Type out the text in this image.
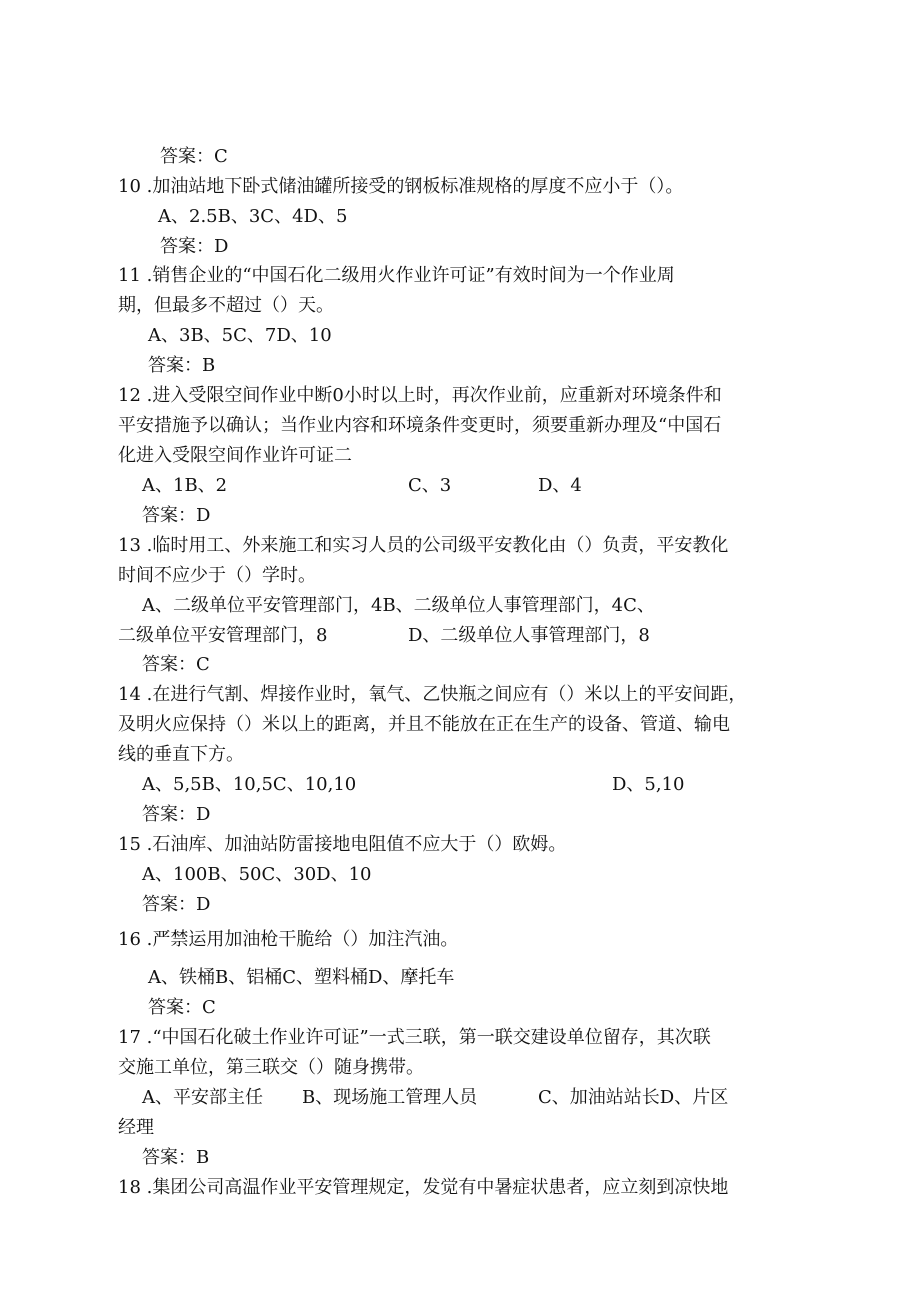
答案：C
10 .加油站地下卧式储油罐所接受的钢板标准规格的厚度不应小于（）。
A、2.5B、3C、4D、5
答案：D
11 .销售企业的“中国石化二级用火作业许可证”有效时间为一个作业周
期，但最多不超过（）天。
A、3B、5C、7D、10
答案：B
12 .进入受限空间作业中断0小时以上时，再次作业前，应重新对环境条件和
平安措施予以确认；当作业内容和环境条件变更时，须要重新办理及“中国石
化进入受限空间作业许可证二
A、1B、2	C、3	D、4
答案：D
13 .临时用工、外来施工和实习人员的公司级平安教化由（）负责，平安教化
时间不应少于（）学时。
A、二级单位平安管理部门，4B、二级单位人事管理部门，4C、
二级单位平安管理部门，8	D、二级单位人事管理部门，8
答案：C
14 .在进行气割、焊接作业时，氧气、乙快瓶之间应有（）米以上的平安间距，
及明火应保持（）米以上的距离，并且不能放在正在生产的设备、管道、输电
线的垂直下方。
A、5,5B、10,5C、10,10	D、5,10
答案：D
15 .石油库、加油站防雷接地电阻值不应大于（）欧姆。
A、100B、50C、30D、10
答案：D
16 .严禁运用加油枪干脆给（）加注汽油。
A、铁桶B、铝桶C、塑料桶D、摩托车
答案：C
17 .“中国石化破土作业许可证”一式三联，第一联交建设单位留存，其次联
交施工单位，第三联交（）随身携带。
A、平安部主任 B、现场施工管理人员	C、加油站站长D、片区
经理
答案：B
18 .集团公司高温作业平安管理规定，发觉有中暑症状患者，应立刻到凉快地
